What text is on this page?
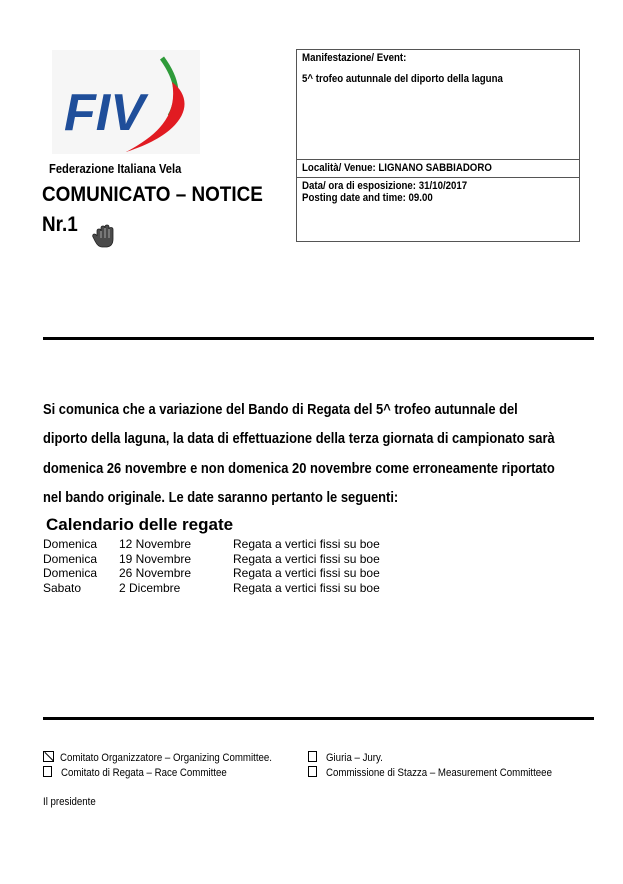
FIV
Federazione Italiana Vela
COMUNICATO – NOTICE
Nr.1
Manifestazione/ Event:
5^ trofeo autunnale del diporto della laguna
Località/ Venue: LIGNANO SABBIADORO
Data/ ora di esposizione: 31/10/2017
Posting date and time: 09.00
Si comunica che a variazione del Bando di Regata del 5^ trofeo autunnale del
diporto della laguna, la data di effettuazione della terza giornata di campionato sarà
domenica 26 novembre e non domenica 20 novembre come erroneamente riportato
nel bando originale. Le date saranno pertanto le seguenti:
Calendario delle regate
Domenica	12 Novembre	Regata a vertici fissi su boe
Domenica	19 Novembre	Regata a vertici fissi su boe
Domenica	26 Novembre	Regata a vertici fissi su boe
Sabato	2 Dicembre	Regata a vertici fissi su boe
Comitato Organizzatore – Organizing Committee.
Comitato di Regata – Race Committee
Giuria – Jury.
Commissione di Stazza – Measurement Committeee
Il presidente
